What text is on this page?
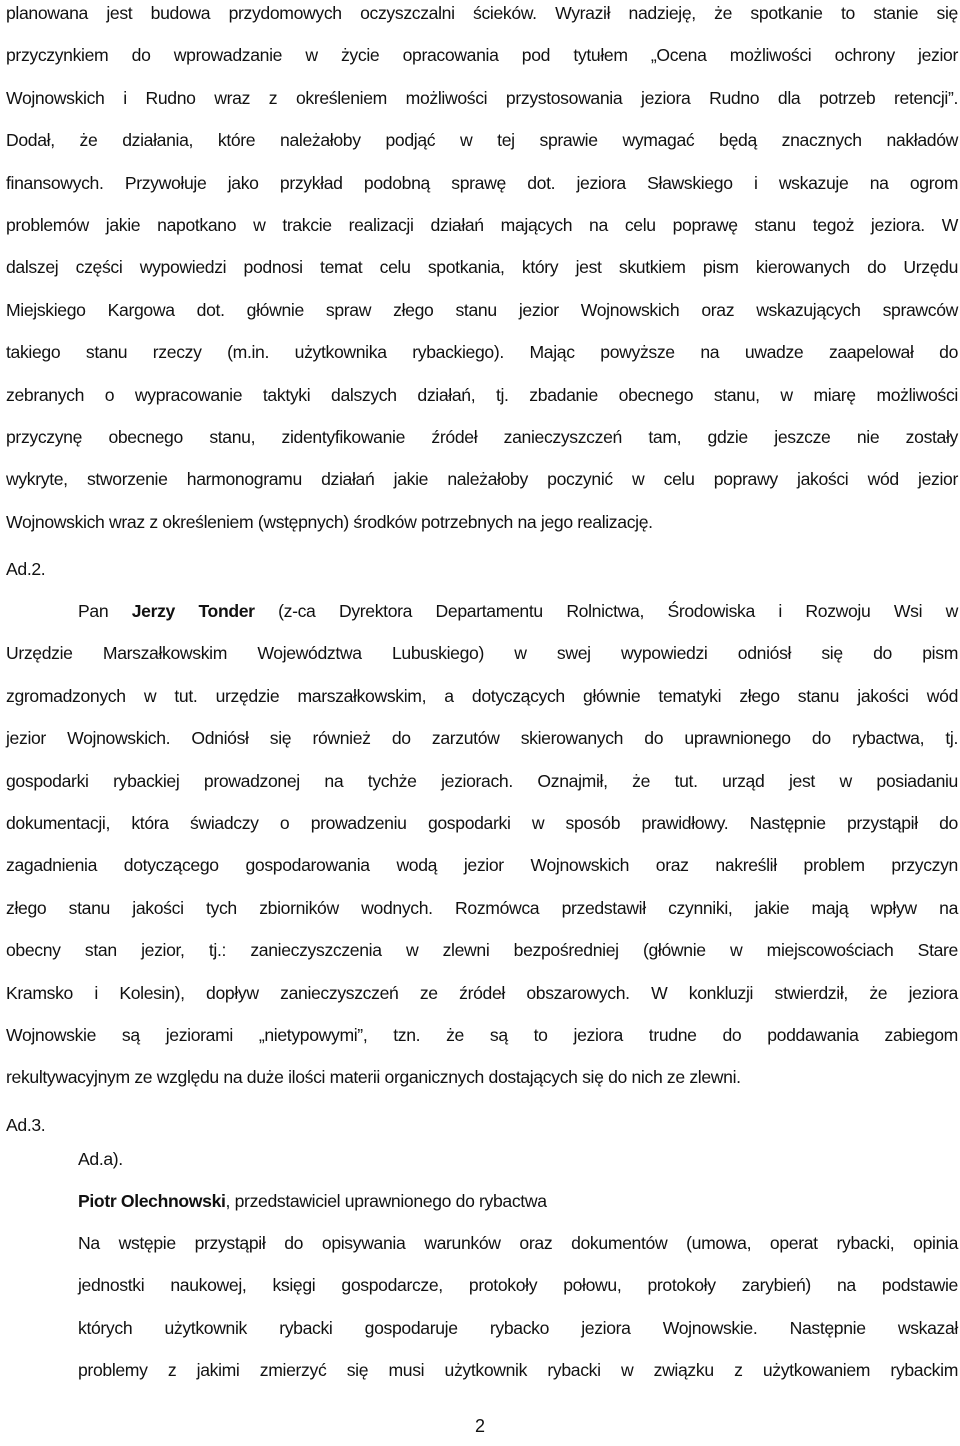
planowana jest budowa przydomowych oczyszczalni ścieków. Wyraził nadzieję, że spotkanie to stanie się
przyczynkiem do wprowadzanie w życie opracowania pod tytułem „Ocena możliwości ochrony jezior
Wojnowskich i Rudno wraz z określeniem możliwości przystosowania jeziora Rudno dla potrzeb retencji”.
Dodał, że działania, które należałoby podjąć w tej sprawie wymagać będą znacznych nakładów
finansowych. Przywołuje jako przykład podobną sprawę dot. jeziora Sławskiego i wskazuje na ogrom
problemów jakie napotkano w trakcie realizacji działań mających na celu poprawę stanu tegoż jeziora. W
dalszej części wypowiedzi podnosi temat celu spotkania, który jest skutkiem pism kierowanych do Urzędu
Miejskiego Kargowa dot. głównie spraw złego stanu jezior Wojnowskich oraz wskazujących sprawców
takiego stanu rzeczy (m.in. użytkownika rybackiego). Mając powyższe na uwadze zaapelował do
zebranych o wypracowanie taktyki dalszych działań, tj. zbadanie obecnego stanu, w miarę możliwości
przyczynę obecnego stanu, zidentyfikowanie źródeł zanieczyszczeń tam, gdzie jeszcze nie zostały
wykryte, stworzenie harmonogramu działań jakie należałoby poczynić w celu poprawy jakości wód jezior
Wojnowskich wraz z określeniem (wstępnych) środków potrzebnych na jego realizację.
Ad.2.
Pan Jerzy Tonder (z-ca Dyrektora Departamentu Rolnictwa, Środowiska i Rozwoju Wsi w
Urzędzie Marszałkowskim Województwa Lubuskiego) w swej wypowiedzi odniósł się do pism
zgromadzonych w tut. urzędzie marszałkowskim, a dotyczących głównie tematyki złego stanu jakości wód
jezior Wojnowskich. Odniósł się również do zarzutów skierowanych do uprawnionego do rybactwa, tj.
gospodarki rybackiej prowadzonej na tychże jeziorach. Oznajmił, że tut. urząd jest w posiadaniu
dokumentacji, która świadczy o prowadzeniu gospodarki w sposób prawidłowy. Następnie przystąpił do
zagadnienia dotyczącego gospodarowania wodą jezior Wojnowskich oraz nakreślił problem przyczyn
złego stanu jakości tych zbiorników wodnych. Rozmówca przedstawił czynniki, jakie mają wpływ na
obecny stan jezior, tj.: zanieczyszczenia w zlewni bezpośredniej (głównie w miejscowościach Stare
Kramsko i Kolesin), dopływ zanieczyszczeń ze źródeł obszarowych. W konkluzji stwierdził, że jeziora
Wojnowskie są jeziorami „nietypowymi”, tzn. że są to jeziora trudne do poddawania zabiegom
rekultywacyjnym ze względu na duże ilości materii organicznych dostających się do nich ze zlewni.
Ad.3.
Ad.a).
Piotr Olechnowski, przedstawiciel uprawnionego do rybactwa
Na wstępie przystąpił do opisywania warunków oraz dokumentów (umowa, operat rybacki, opinia
jednostki naukowej, księgi gospodarcze, protokoły połowu, protokoły zarybień) na podstawie
których użytkownik rybacki gospodaruje rybacko jeziora Wojnowskie. Następnie wskazał
problemy z jakimi zmierzyć się musi użytkownik rybacki w związku z użytkowaniem rybackim
2
